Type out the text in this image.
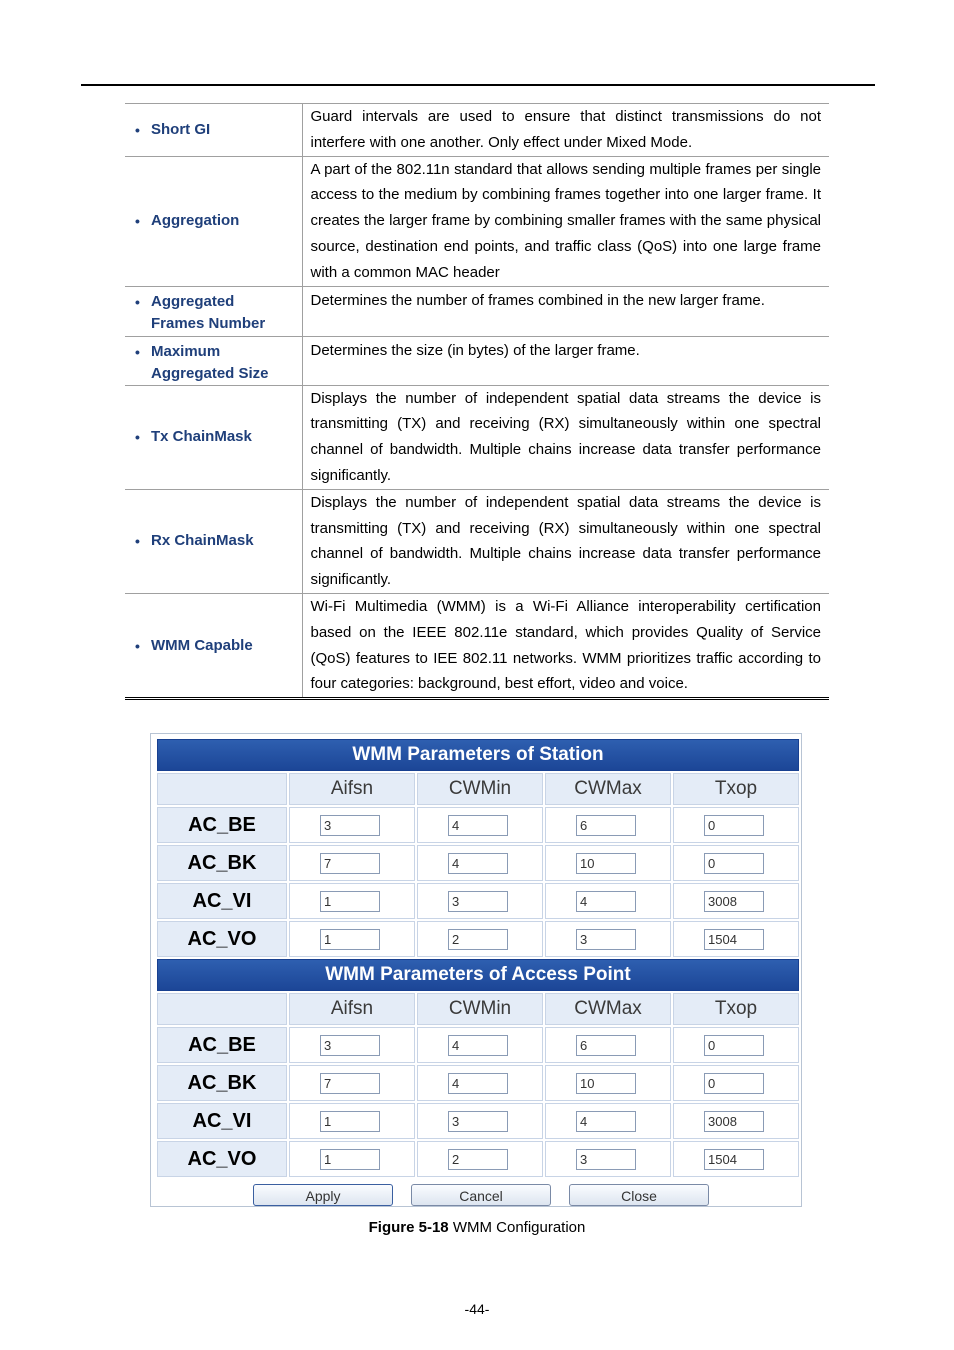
• Short GI	Guard intervals are used to ensure that distinct transmissions do not interfere with one another. Only effect under Mixed Mode.

• Aggregation	A part of the 802.11n standard that allows sending multiple frames per single access to the medium by combining frames together into one larger frame. It creates the larger frame by combining smaller frames with the same physical source, destination end points, and traffic class (QoS) into one large frame with a common MAC header

• Aggregated
Frames Number	Determines the number of frames combined in the new larger frame.

• Maximum
Aggregated Size	Determines the size (in bytes) of the larger frame.

• Tx ChainMask	Displays the number of independent spatial data streams the device is transmitting (TX) and receiving (RX) simultaneously within one spectral channel of bandwidth. Multiple chains increase data transfer performance significantly.

• Rx ChainMask	Displays the number of independent spatial data streams the device is transmitting (TX) and receiving (RX) simultaneously within one spectral channel of bandwidth. Multiple chains increase data transfer performance significantly.

• WMM Capable	Wi-Fi Multimedia (WMM) is a Wi-Fi Alliance interoperability certification based on the IEEE 802.11e standard, which provides Quality of Service (QoS) features to IEE 802.11 networks. WMM prioritizes traffic according to four categories: background, best effort, video and voice.
WMM Parameters of Station				
	Aifsn	CWMin	CWMax	Txop
AC_BE	3	4	6	0
AC_BK	7	4	10	0
AC_VI	1	3	4	3008
AC_VO	1	2	3	1504
WMM Parameters of Access Point				
	Aifsn	CWMin	CWMax	Txop
AC_BE	3	4	6	0
AC_BK	7	4	10	0
AC_VI	1	3	4	3008
AC_VO	1	2	3	1504
Apply	Cancel	Close
Figure 5-18 WMM Configuration
-44-
